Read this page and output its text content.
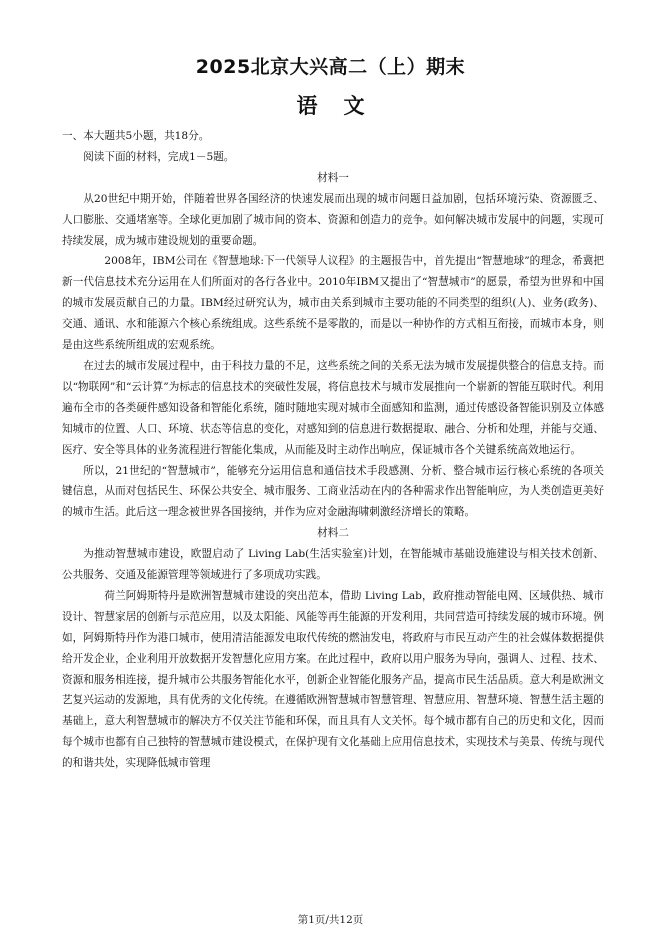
2025北京大兴高二（上）期末
语文

一、本大题共5小题，共18分。

阅读下面的材料，完成1－5题。

材料一

从20世纪中期开始，伴随着世界各国经济的快速发展而出现的城市问题日益加剧，包括环境污染、资源匮乏、人口膨胀、交通堵塞等。全球化更加剧了城市间的资本、资源和创造力的竞争。如何解决城市发展中的问题，实现可持续发展，成为城市建设规划的重要命题。

2008年，IBM公司在《智慧地球:下一代领导人议程》的主题报告中，首先提出“智慧地球”的理念，希冀把新一代信息技术充分运用在人们所面对的各行各业中。2010年IBM又提出了“智慧城市”的愿景，希望为世界和中国的城市发展贡献自己的力量。IBM经过研究认为，城市由关系到城市主要功能的不同类型的组织(人)、业务(政务)、交通、通讯、水和能源六个核心系统组成。这些系统不是零散的，而是以一种协作的方式相互衔接，而城市本身，则是由这些系统所组成的宏观系统。

在过去的城市发展过程中，由于科技力量的不足，这些系统之间的关系无法为城市发展提供整合的信息支持。而以“物联网”和“云计算”为标志的信息技术的突破性发展，将信息技术与城市发展推向一个崭新的智能互联时代。利用遍布全市的各类硬件感知设备和智能化系统，随时随地实现对城市全面感知和监测，通过传感设备智能识别及立体感知城市的位置、人口、环境、状态等信息的变化，对感知到的信息进行数据提取、融合、分析和处理，并能与交通、医疗、安全等具体的业务流程进行智能化集成，从而能及时主动作出响应，保证城市各个关键系统高效地运行。

所以，21世纪的“智慧城市”，能够充分运用信息和通信技术手段感测、分析、整合城市运行核心系统的各项关键信息，从而对包括民生、环保公共安全、城市服务、工商业活动在内的各种需求作出智能响应，为人类创造更美好的城市生活。此后这一理念被世界各国接纳，并作为应对金融海啸刺激经济增长的策略。

材料二

为推动智慧城市建设，欧盟启动了 Living Lab(生活实验室)计划，在智能城市基础设施建设与相关技术创新、公共服务、交通及能源管理等领域进行了多项成功实践。

荷兰阿姆斯特丹是欧洲智慧城市建设的突出范本，借助 Living Lab，政府推动智能电网、区域供热、城市设计、智慧家居的创新与示范应用，以及太阳能、风能等再生能源的开发利用，共同营造可持续发展的城市环境。例如，阿姆斯特丹作为港口城市，使用清洁能源发电取代传统的燃油发电，将政府与市民互动产生的社会媒体数据提供给开发企业，企业利用开放数据开发智慧化应用方案。在此过程中，政府以用户服务为导向，强调人、过程、技术、资源和服务相连接，提升城市公共服务智能化水平，创新企业智能化服务产品，提高市民生活品质。意大利是欧洲文艺复兴运动的发源地，具有优秀的文化传统。在遵循欧洲智慧城市智慧管理、智慧应用、智慧环境、智慧生活主题的基础上，意大利智慧城市的解决方不仅关注节能和环保，而且具有人文关怀。每个城市都有自己的历史和文化，因而每个城市也都有自己独特的智慧城市建设模式，在保护现有文化基础上应用信息技术，实现技术与美景、传统与现代的和谐共处，实现降低城市管理

第1页/共12页
